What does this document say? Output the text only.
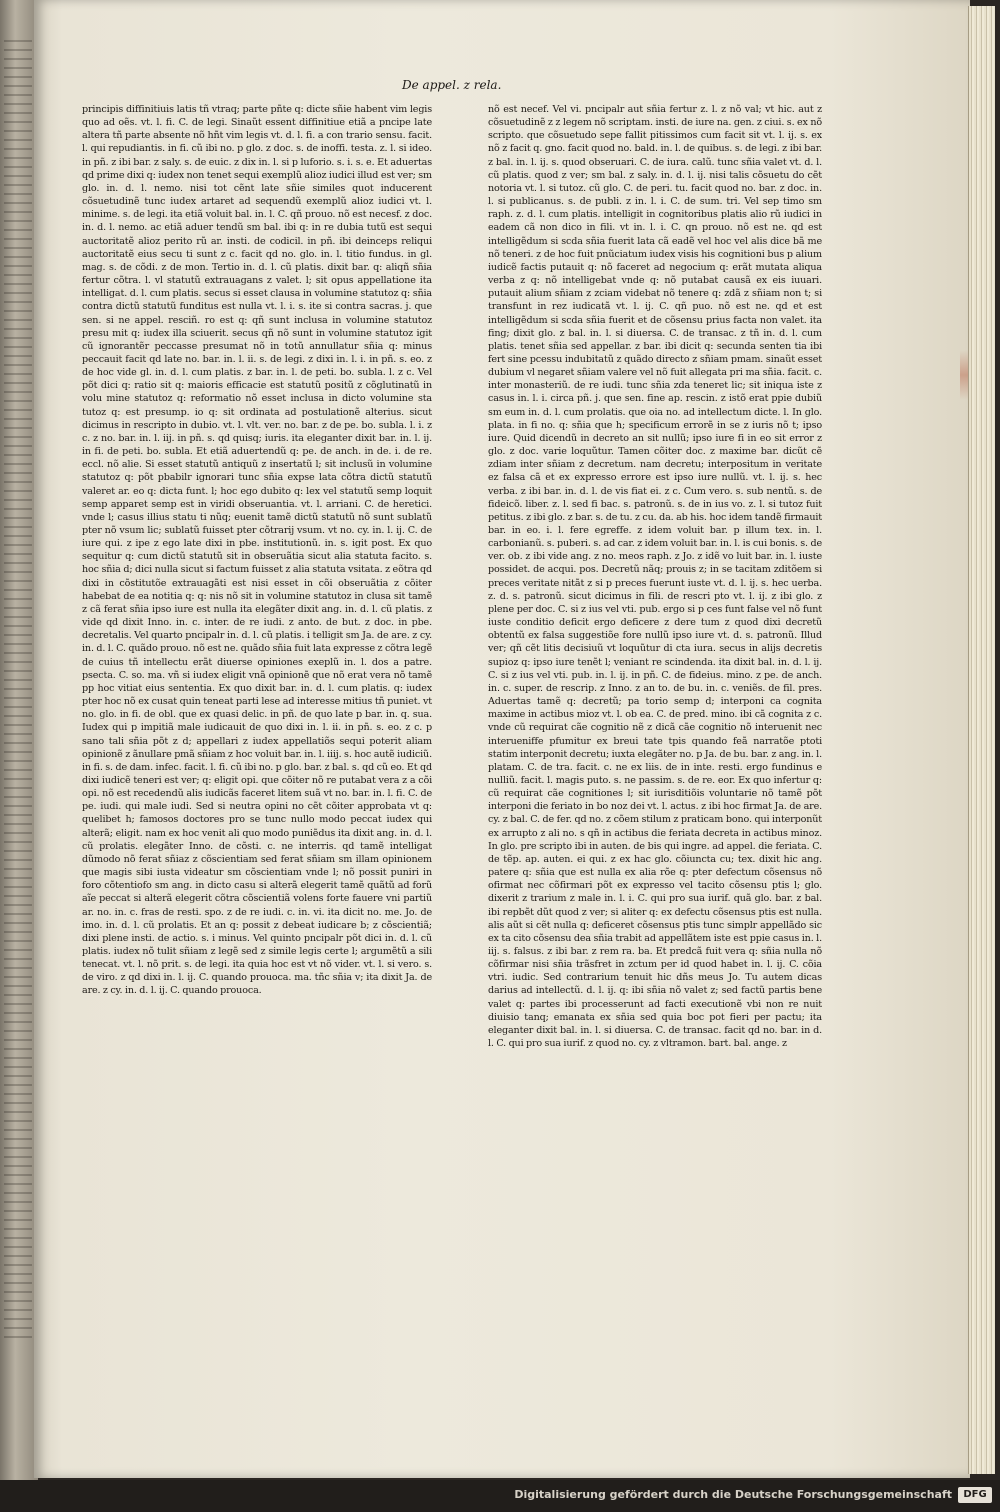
De appel. z rela.

principis diffinitiuis latis tñ vtraq; parte pñte q: dicte sñie habent vim legis quo ad oẽs. vt. l. fi. C. de legi. Sinaũt essent diffinitiue etiã a pncipe late altera tñ parte absente nõ hñt vim legis vt. d. l. fi. a con trario sensu. facit. l. qui repudiantis. in fi. cũ ibi no. p glo. z doc. s. de inoffi. testa. z. l. si ideo. in pñ. z ibi bar. z saly. s. de euic. z dix in. l. si p luforio. s. i. s. e. Et aduertas qd prime dixi q: iudex non tenet sequi exemplũ alioz iudici illud est ver; sm glo. in. d. l. nemo. nisi tot cẽnt late sñie similes quot inducerent cõsuetudinẽ tunc iudex artaret ad sequendũ exemplũ alioz iudici vt. l. minime. s. de legi. ita etiã voluit bal. in. l. C. qñ prouo. nõ est necesf. z doc. in. d. l. nemo. ac etiã aduer tendũ sm bal. ibi q: in re dubia tutũ est sequi auctoritatẽ alioz perito rũ ar. insti. de codicil. in pñ. ibi deinceps reliqui auctoritatẽ eius secu ti sunt z c. facit qd no. glo. in. l. titio fundus. in gl. mag. s. de cõdi. z de mon. Tertio in. d. l. cũ platis. dixit bar. q: aliqñ sñia fertur cõtra. l. vl statutũ extrauagans z valet. l; sit opus appellatione ita intelligat. d. l. cum platis. secus si esset clausa in volumine statutoz q: sñia contra dictũ statutũ funditus est nulla vt. l. i. s. ite si contra sacras. j. que sen. si ne appel. resciñ. ro est q: qñ sunt inclusa in volumine statutoz presu mit q: iudex illa sciuerit. secus qñ nõ sunt in volumine statutoz igit cũ ignorantẽr peccasse presumat nõ in totũ annullatur sñia q: minus peccauit facit qd late no. bar. in. l. ii. s. de legi. z dixi in. l. i. in pñ. s. eo. z de hoc vide gl. in. d. l. cum platis. z bar. in. l. de peti. bo. subla. l. z c. Vel põt dici q: ratio sit q: maioris efficacie est statutũ positũ z cõglutinatũ in volu mine statutoz q: reformatio nõ esset inclusa in dicto volumine sta tutoz q: est presump. io q: sit ordinata ad postulationẽ alterius. sicut dicimus in rescripto in dubio. vt. l. vlt. ver. no. bar. z de pe. bo. subla. l. i. z c. z no. bar. in. l. iij. in pñ. s. qd quisq; iuris. ita eleganter dixit bar. in. l. ij. in fi. de peti. bo. subla. Et etiã aduertendũ q: pe. de anch. in de. i. de re. eccl. nõ alie. Si esset statutũ antiquũ z insertatũ l; sit inclusũ in volumine statutoz q: põt pbabilr ignorari tunc sñia expse lata cõtra dictũ statutũ valeret ar. eo q: dicta funt. l; hoc ego dubito q: lex vel statutũ semp loquit semp apparet semp est in viridi obseruantia. vt. l. arriani. C. de heretici. vnde l; casus illius statu ti nũq; euenit tamẽ dictũ statutũ nõ sunt sublatũ pter nõ vsum lic; sublatũ fuisset pter cõtrarij vsum. vt no. cy. in. l. ij. C. de iure qui. z ipe z ego late dixi in pbe. institutionũ. in. s. igit post. Ex quo sequitur q: cum dictũ statutũ sit in obseruãtia sicut alia statuta facito. s. hoc sñia d; dici nulla sicut si factum fuisset z alia statuta vsitata. z eõtra qd dixi in cõstitutõe extrauagãti est nisi esset in cõi obseruãtia z cõiter habebat de ea notitia q: q: nis nõ sit in volumine statutoz in clusa sit tamẽ z cã ferat sñia ipso iure est nulla ita elegãter dixit ang. in. d. l. cũ platis. z vide qd dixit Inno. in. c. inter. de re iudi. z anto. de but. z doc. in pbe. decretalis. Vel quarto pncipalr in. d. l. cũ platis. i telligit sm Ja. de are. z cy. in. d. l. C. quãdo prouo. nõ est ne. quãdo sñia fuit lata expresse z cõtra legẽ de cuius tñ intellectu erãt diuerse opiniones exeplũ in. l. dos a patre. psecta. C. so. ma. vñ si iudex eligit vnã opinionẽ que nõ erat vera nõ tamẽ pp hoc vitiat eius sententia. Ex quo dixit bar. in. d. l. cum platis. q: iudex pter hoc nõ ex cusat quin teneat parti lese ad interesse mitius tñ puniet. vt no. glo. in fi. de obl. que ex quasi delic. in pñ. de quo late p bar. in. q. sua. Iudex qui p impitiã male iudicauit de quo dixi in. l. ii. in pñ. s. eo. z c. p sano tali sñia põt z d; appellari z iudex appellatiõs sequi poterit aliam opinionẽ z ãnullare pmã sñiam z hoc voluit bar. in. l. iiij. s. hoc autẽ iudiciũ. in fi. s. de dam. infec. facit. l. fi. cũ ibi no. p glo. bar. z bal. s. qd cũ eo. Et qd dixi iudicẽ teneri est ver; q: eligit opi. que cõiter nõ re putabat vera z a cõi opi. nõ est recedendũ alis iudicãs faceret litem suã vt no. bar. in. l. fi. C. de pe. iudi. qui male iudi. Sed si neutra opini no cẽt cõiter approbata vt q: quelibet h; famosos doctores pro se tunc nullo modo peccat iudex qui alterã; eligit. nam ex hoc venit ali quo modo puniẽdus ita dixit ang. in. d. l. cũ prolatis. elegãter Inno. de cõsti. c. ne interris. qd tamẽ intelligat dũmodo nõ ferat sñiaz z cõscientiam sed ferat sñiam sm illam opinionem que magis sibi iusta videatur sm cõscientiam vnde l; nõ possit puniri in foro cõtentiofo sm ang. in dicto casu si alterã elegerit tamẽ quãtũ ad forũ aĩe peccat si alterã elegerit cõtra cõscientiã volens forte fauere vni partiũ ar. no. in. c. fras de resti. spo. z de re iudi. c. in. vi. ita dicit no. me. Jo. de imo. in. d. l. cũ prolatis. Et an q: possit z debeat iudicare b; z cõscientiã; dixi plene insti. de actio. s. i minus. Vel quinto pncipalr põt dici in. d. l. cũ platis. iudex nõ tulit sñiam z legẽ sed z simile legis certe l; argumẽtũ a sili tenecat. vt. l. nõ prit. s. de legi. ita quia hoc est vt nõ vider. vt. l. si vero. s. de viro. z qd dixi in. l. ij. C. quando prouoca. ma. tñc sñia v; ita dixit Ja. de are. z cy. in. d. l. ij. C. quando prouoca.

nõ est necef. Vel vi. pncipalr aut sñia fertur z. l. z nõ val; vt hic. aut z cõsuetudinẽ z z legem nõ scriptam. insti. de iure na. gen. z ciui. s. ex nõ scripto. que cõsuetudo sepe fallit pitissimos cum facit sit vt. l. ij. s. ex nõ z facit q. gno. facit quod no. bald. in. l. de quibus. s. de legi. z ibi bar. z bal. in. l. ij. s. quod obseruari. C. de iura. calũ. tunc sñia valet vt. d. l. cũ platis. quod z ver; sm bal. z saly. in. d. l. ij. nisi talis cõsuetu do cẽt notoria vt. l. si tutoz. cũ glo. C. de peri. tu. facit quod no. bar. z doc. in. l. si publicanus. s. de publi. z in. l. i. C. de sum. tri. Vel sep timo sm raph. z. d. l. cum platis. intelligit in cognitoribus platis alio rũ iudici in eadem cã non dico in fili. vt in. l. i. C. qn prouo. nõ est ne. qd est intelligẽdum si scda sñia fuerit lata cã eadẽ vel hoc vel alis dice bã me nõ teneri. z de hoc fuit pnũciatum iudex visis his cognitioni bus p alium iudicẽ factis putauit q: nõ faceret ad negocium q: erãt mutata aliqua verba z q: nõ intelligebat vnde q: nõ putabat causã ex eis iuuari. putauit alium sñiam z zciam videbat nõ tenere q: zdã z sñiam non t; si transfunt in rez iudicatã vt. l. ij. C. qñ puo. nõ est ne. qd et est intelligẽdum si scda sñia fuerit et de cõsensu prius facta non valet. ita fing; dixit glo. z bal. in. l. si diuersa. C. de transac. z tñ in. d. l. cum platis. tenet sñia sed appellar. z bar. ibi dicit q: secunda senten tia ibi fert sine pcessu indubitatũ z quãdo directo z sñiam pmam. sinaũt esset dubium vl negaret sñiam valere vel nõ fuit allegata pri ma sñia. facit. c. inter monasteriũ. de re iudi. tunc sñia zda teneret lic; sit iniqua iste z casus in. l. i. circa pñ. j. que sen. fine ap. rescin. z istõ erat ppie dubiũ sm eum in. d. l. cum prolatis. que oia no. ad intellectum dicte. l. In glo. plata. in fi no. q: sñia que h; specificum errorẽ in se z iuris nõ t; ipso iure. Quid dicendũ in decreto an sit nullũ; ipso iure fi in eo sit error z glo. z doc. varie loquũtur. Tamen cõiter doc. z maxime bar. dicũt cẽ zdiam inter sñiam z decretum. nam decretu; interpositum in veritate ez falsa cã et ex expresso errore est ipso iure nullũ. vt. l. ij. s. hec verba. z ibi bar. in. d. l. de vis fiat ei. z c. Cum vero. s. sub nentũ. s. de fideicõ. liber. z. l. sed fi bac. s. patronũ. s. de in ius vo. z. l. si tutoz fuit petitus. z ibi glo. z bar. s. de tu. z cu. da. ab his. hoc idem tandẽ firmauit bar. in eo. i. l. fere egreffe. z idem voluit bar. p illum tex. in. l. carbonianũ. s. puberi. s. ad car. z idem voluit bar. in. l. is cui bonis. s. de ver. ob. z ibi vide ang. z no. meos raph. z Jo. z idẽ vo luit bar. in. l. iuste possidet. de acqui. pos. Decretũ nãq; prouis z; in se tacitam zditõem si preces veritate nitãt z si p preces fuerunt iuste vt. d. l. ij. s. hec uerba. z. d. s. patronũ. sicut dicimus in fili. de rescri pto vt. l. ij. z ibi glo. z plene per doc. C. si z ius vel vti. pub. ergo si p ces funt false vel nõ funt iuste conditio deficit ergo deficere z dere tum z quod dixi decretũ obtentũ ex falsa suggestiõe fore nullũ ipso iure vt. d. s. patronũ. Illud ver; qñ cẽt litis decisiuũ vt loquũtur di cta iura. secus in alijs decretis supioz q: ipso iure tenẽt l; veniant re scindenda. ita dixit bal. in. d. l. ij. C. si z ius vel vti. pub. in. l. ij. in pñ. C. de fideius. mino. z pe. de anch. in. c. super. de rescrip. z Inno. z an to. de bu. in. c. veniẽs. de fil. pres. Aduertas tamẽ q: decretũ; pa torio semp d; interponi ca cognita maxime in actibus mioz vt. l. ob ea. C. de pred. mino. ibi cã cognita z c. vnde cũ requirat cãe cognitio nẽ z dicã cãe cognitio nõ interuenit nec interueniffe pfumitur ex breui tate tpis quando feã narratõe ptoti statim interponit decretu; iuxta elegãter no. p Ja. de bu. bar. z ang. in. l. platam. C. de tra. facit. c. ne ex liis. de in inte. resti. ergo fundinus e nulliũ. facit. l. magis puto. s. ne passim. s. de re. eor. Ex quo infertur q: cũ requirat cãe cognitiones l; sit iurisditiõis voluntarie nõ tamẽ põt interponi die feriato in bo noz dei vt. l. actus. z ibi hoc firmat Ja. de are. cy. z bal. C. de fer. qd no. z cõem stilum z praticam bono. qui interponũt ex arrupto z ali no. s qñ in actibus die feriata decreta in actibus minoz. In glo. pre scripto ibi in auten. de bis qui ingre. ad appel. die feriata. C. de tẽp. ap. auten. ei qui. z ex hac glo. cõiuncta cu; tex. dixit hic ang. patere q: sñia que est nulla ex alia rõe q: pter defectum cõsensus nõ ofirmat nec cõfirmari põt ex expresso vel tacito cõsensu ptis l; glo. dixerit z trarium z male in. l. i. C. qui pro sua iurif. quã glo. bar. z bal. ibi repbẽt dũt quod z ver; si aliter q: ex defectu cõsensus ptis est nulla. alis aũt si cẽt nulla q: deficeret cõsensus ptis tunc simplr appellãdo sic ex ta cito cõsensu dea sñia trabit ad appellãtem iste est ppie casus in. l. iij. s. falsus. z ibi bar. z rem ra. ba. Et predcã fuit vera q: sñia nulla nõ cõfirmar nisi sñia trãsfret in zctum per id quod habet in. l. ij. C. cõia vtri. iudic. Sed contrarium tenuit hic dñs meus Jo. Tu autem dicas darius ad intellectũ. d. l. ij. q: ibi sñia nõ valet z; sed factũ partis bene valet q: partes ibi processerunt ad facti executionẽ vbi non re nuit diuisio tanq; emanata ex sñia sed quia boc pot fieri per pactu; ita eleganter dixit bal. in. l. si diuersa. C. de transac. facit qd no. bar. in d. l. C. qui pro sua iurif. z quod no. cy. z vltramon. bart. bal. ange. z

Digitalisierung gefördert durch die Deutsche Forschungsgemeinschaft	DFG
